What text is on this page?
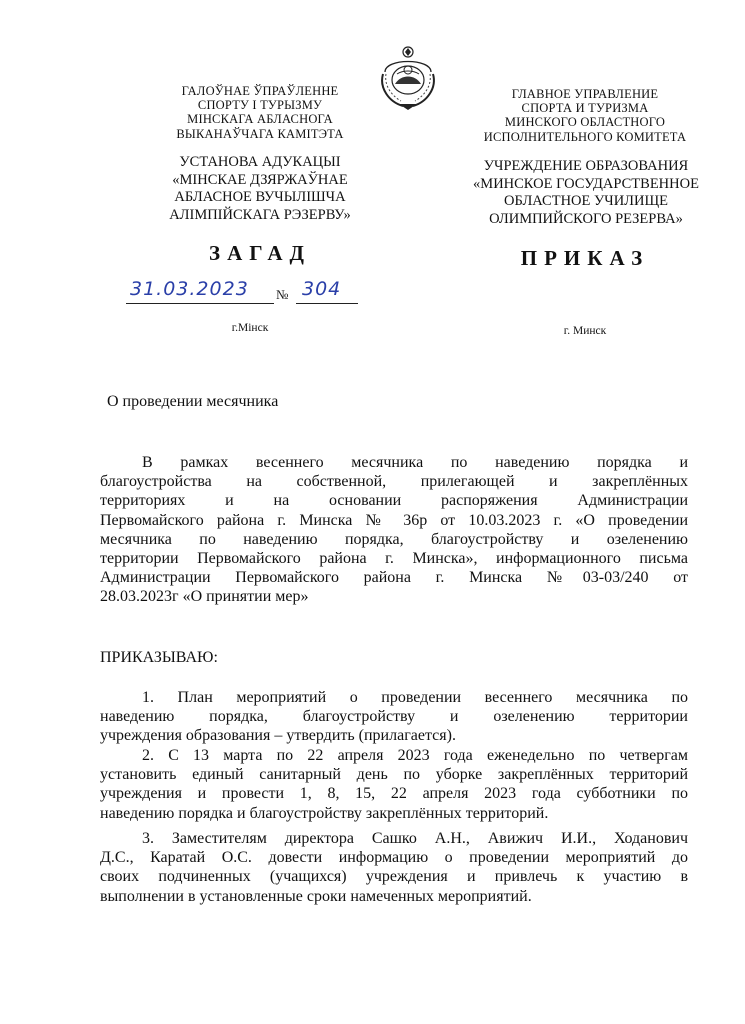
ГАЛОЎНАЕ ЎПРАЎЛЕННЕ
СПОРТУ І ТУРЫЗМУ
МІНСКАГА АБЛАСНОГА
ВЫКАНАЎЧАГА КАМІТЭТА
УСТАНОВА АДУКАЦЫІ
«МІНСКАЕ ДЗЯРЖАЎНАЕ
АБЛАСНОЕ ВУЧЫЛІШЧА
АЛІМПІЙСКАГА РЭЗЕРВУ»
ЗАГАД
31.03.2023 № 304
г.Мінск
ГЛАВНОЕ УПРАВЛЕНИЕ
СПОРТА И ТУРИЗМА
МИНСКОГО ОБЛАСТНОГО
ИСПОЛНИТЕЛЬНОГО КОМИТЕТА
УЧРЕЖДЕНИЕ ОБРАЗОВАНИЯ
«МИНСКОЕ ГОСУДАРСТВЕННОЕ
ОБЛАСТНОЕ УЧИЛИЩЕ
ОЛИМПИЙСКОГО РЕЗЕРВА»
ПРИКАЗ
г. Минск
О проведении месячника
В рамках весеннего месячника по наведению порядка и
благоустройства на собственной, прилегающей и закреплённых
территориях и на основании распоряжения Администрации
Первомайского района г. Минска № 36р от 10.03.2023 г. «О проведении
месячника по наведению порядка, благоустройству и озеленению
территории Первомайского района г. Минска», информационного письма
Администрации Первомайского района г. Минска №03-03/240 от
28.03.2023г «О принятии мер»
ПРИКАЗЫВАЮ:
1. План мероприятий о проведении весеннего месячника по
наведению порядка, благоустройству и озеленению территории
учреждения образования – утвердить (прилагается).
2. С 13 марта по 22 апреля 2023 года еженедельно по четвергам
установить единый санитарный день по уборке закреплённых территорий
учреждения и провести 1, 8, 15, 22 апреля 2023 года субботники по
наведению порядка и благоустройству закреплённых территорий.
3. Заместителям директора Сашко А.Н., Авижич И.И., Ходанович
Д.С., Каратай О.С. довести информацию о проведении мероприятий до
своих подчиненных (учащихся) учреждения и привлечь к участию в
выполнении в установленные сроки намеченных мероприятий.
